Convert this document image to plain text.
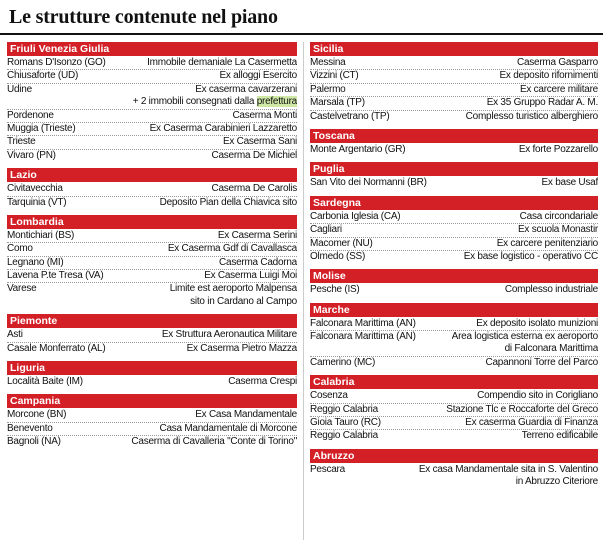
Le strutture contenute nel piano
Friuli Venezia Giulia
Romans D'Isonzo (GO)	Immobile demaniale La Casermetta
Chiusaforte (UD)	Ex alloggi Esercito
Udine	Ex caserma cavarzerani
+ 2 immobili consegnati dalla prefettura
Pordenone	Caserma Monti
Muggia (Trieste)	Ex Caserma Carabinieri Lazzaretto
Trieste	Ex Caserma Sani
Vivaro (PN)	Caserma De Michiel
Lazio
Civitavecchia	Caserma De Carolis
Tarquinia (VT)	Deposito Pian della Chiavica sito
Lombardia
Montichiari (BS)	Ex Caserma Serini
Como	Ex Caserma Gdf di Cavallasca
Legnano (MI)	Caserma Cadorna
Lavena P.te Tresa (VA)	Ex Caserma Luigi Moi
Varese	Limite est aeroporto Malpensa
sito in Cardano al Campo
Piemonte
Asti	Ex Struttura Aeronautica Militare
Casale Monferrato (AL)	Ex Caserma Pietro Mazza
Liguria
Località Baite (IM)	Caserma Crespi
Campania
Morcone (BN)	Ex Casa Mandamentale
Benevento	Casa Mandamentale di Morcone
Bagnoli (NA)	Caserma di Cavalleria "Conte di Torino"
Sicilia
Messina	Caserma Gasparro
Vizzini (CT)	Ex deposito rifornimenti
Palermo	Ex carcere militare
Marsala (TP)	Ex 35 Gruppo Radar A. M.
Castelvetrano (TP)	Complesso turistico alberghiero
Toscana
Monte Argentario (GR)	Ex forte Pozzarello
Puglia
San Vito dei Normanni (BR)	Ex base Usaf
Sardegna
Carbonia Iglesia (CA)	Casa circondariale
Cagliari	Ex scuola Monastir
Macomer (NU)	Ex carcere penitenziario
Olmedo (SS)	Ex base logistico - operativo CC
Molise
Pesche (IS)	Complesso industriale
Marche
Falconara Marittima (AN)	Ex deposito isolato munizioni
Falconara Marittima (AN)	Area logistica esterna ex aeroporto
di Falconara Marittima
Camerino (MC)	Capannoni Torre del Parco
Calabria
Cosenza	Compendio sito in Corigliano
Reggio Calabria	Stazione Tlc e Roccaforte del Greco
Gioia Tauro (RC)	Ex caserma Guardia di Finanza
Reggio Calabria	Terreno edificabile
Abruzzo
Pescara	Ex casa Mandamentale sita in S. Valentino
in Abruzzo Citeriore
